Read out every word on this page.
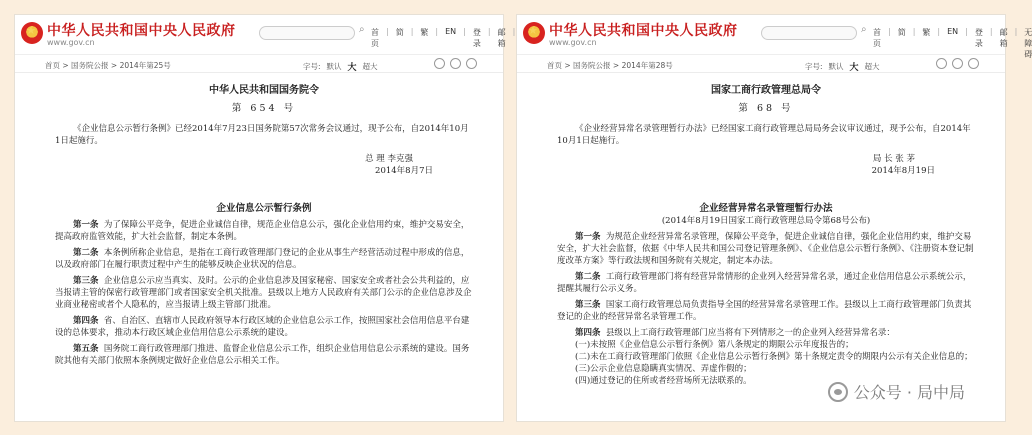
★
中华人民共和国中央人民政府
www.gov.cn
⌕ 首页
| 简 | 繁 | EN | 登录
| 邮箱
|
首页 > 国务院公报 > 2014年第25号	字号: 默认 大 超大

中华人民共和国国务院令

第 654 号

《企业信息公示暂行条例》已经2014年7月23日国务院第57次常务会议通过，现予公布，自2014年10月1日起施行。

总 理 李克强

2014年8月7日

企业信息公示暂行条例

第一条 为了保障公平竞争，促进企业诚信自律，规范企业信息公示，强化企业信用约束，维护交易安全，提高政府监管效能，扩大社会监督，制定本条例。

第二条 本条例所称企业信息，是指在工商行政管理部门登记的企业从事生产经营活动过程中形成的信息，以及政府部门在履行职责过程中产生的能够反映企业状况的信息。

第三条 企业信息公示应当真实、及时。公示的企业信息涉及国家秘密、国家安全或者社会公共利益的，应当报请主管的保密行政管理部门或者国家安全机关批准。县级以上地方人民政府有关部门公示的企业信息涉及企业商业秘密或者个人隐私的，应当报请上级主管部门批准。

第四条 省、自治区、直辖市人民政府领导本行政区域的企业信息公示工作，按照国家社会信用信息平台建设的总体要求，推动本行政区域企业信用信息公示系统的建设。

第五条 国务院工商行政管理部门推进、监督企业信息公示工作，组织企业信用信息公示系统的建设。国务院其他有关部门依照本条例规定做好企业信息公示相关工作。

★
中华人民共和国中央人民政府
www.gov.cn
⌕ 首页
| 简 | 繁 | EN | 登录
| 邮箱
| 无障碍
首页 > 国务院公报 > 2014年第28号	字号: 默认 大 超大

国家工商行政管理总局令

第 68 号

《企业经营异常名录管理暂行办法》已经国家工商行政管理总局局务会议审议通过，现予公布，自2014年10月1日起施行。

局 长 张 茅

2014年8月19日

企业经营异常名录管理暂行办法

(2014年8月19日国家工商行政管理总局令第68号公布)

第一条 为规范企业经营异常名录管理，保障公平竞争，促进企业诚信自律，强化企业信用约束，维护交易安全，扩大社会监督，依据《中华人民共和国公司登记管理条例》、《企业信息公示暂行条例》、《注册资本登记制度改革方案》等行政法规和国务院有关规定，制定本办法。

第二条 工商行政管理部门将有经营异常情形的企业列入经营异常名录，通过企业信用信息公示系统公示，提醒其履行公示义务。

第三条 国家工商行政管理总局负责指导全国的经营异常名录管理工作。县级以上工商行政管理部门负责其登记的企业的经营异常名录管理工作。

第四条 县级以上工商行政管理部门应当将有下列情形之一的企业列入经营异常名录：

(一)未按照《企业信息公示暂行条例》第八条规定的期限公示年度报告的；

(二)未在工商行政管理部门依照《企业信息公示暂行条例》第十条规定责令的期限内公示有关企业信息的；

(三)公示企业信息隐瞒真实情况、弄虚作假的；

(四)通过登记的住所或者经营场所无法联系的。

公众号 · 局中局
